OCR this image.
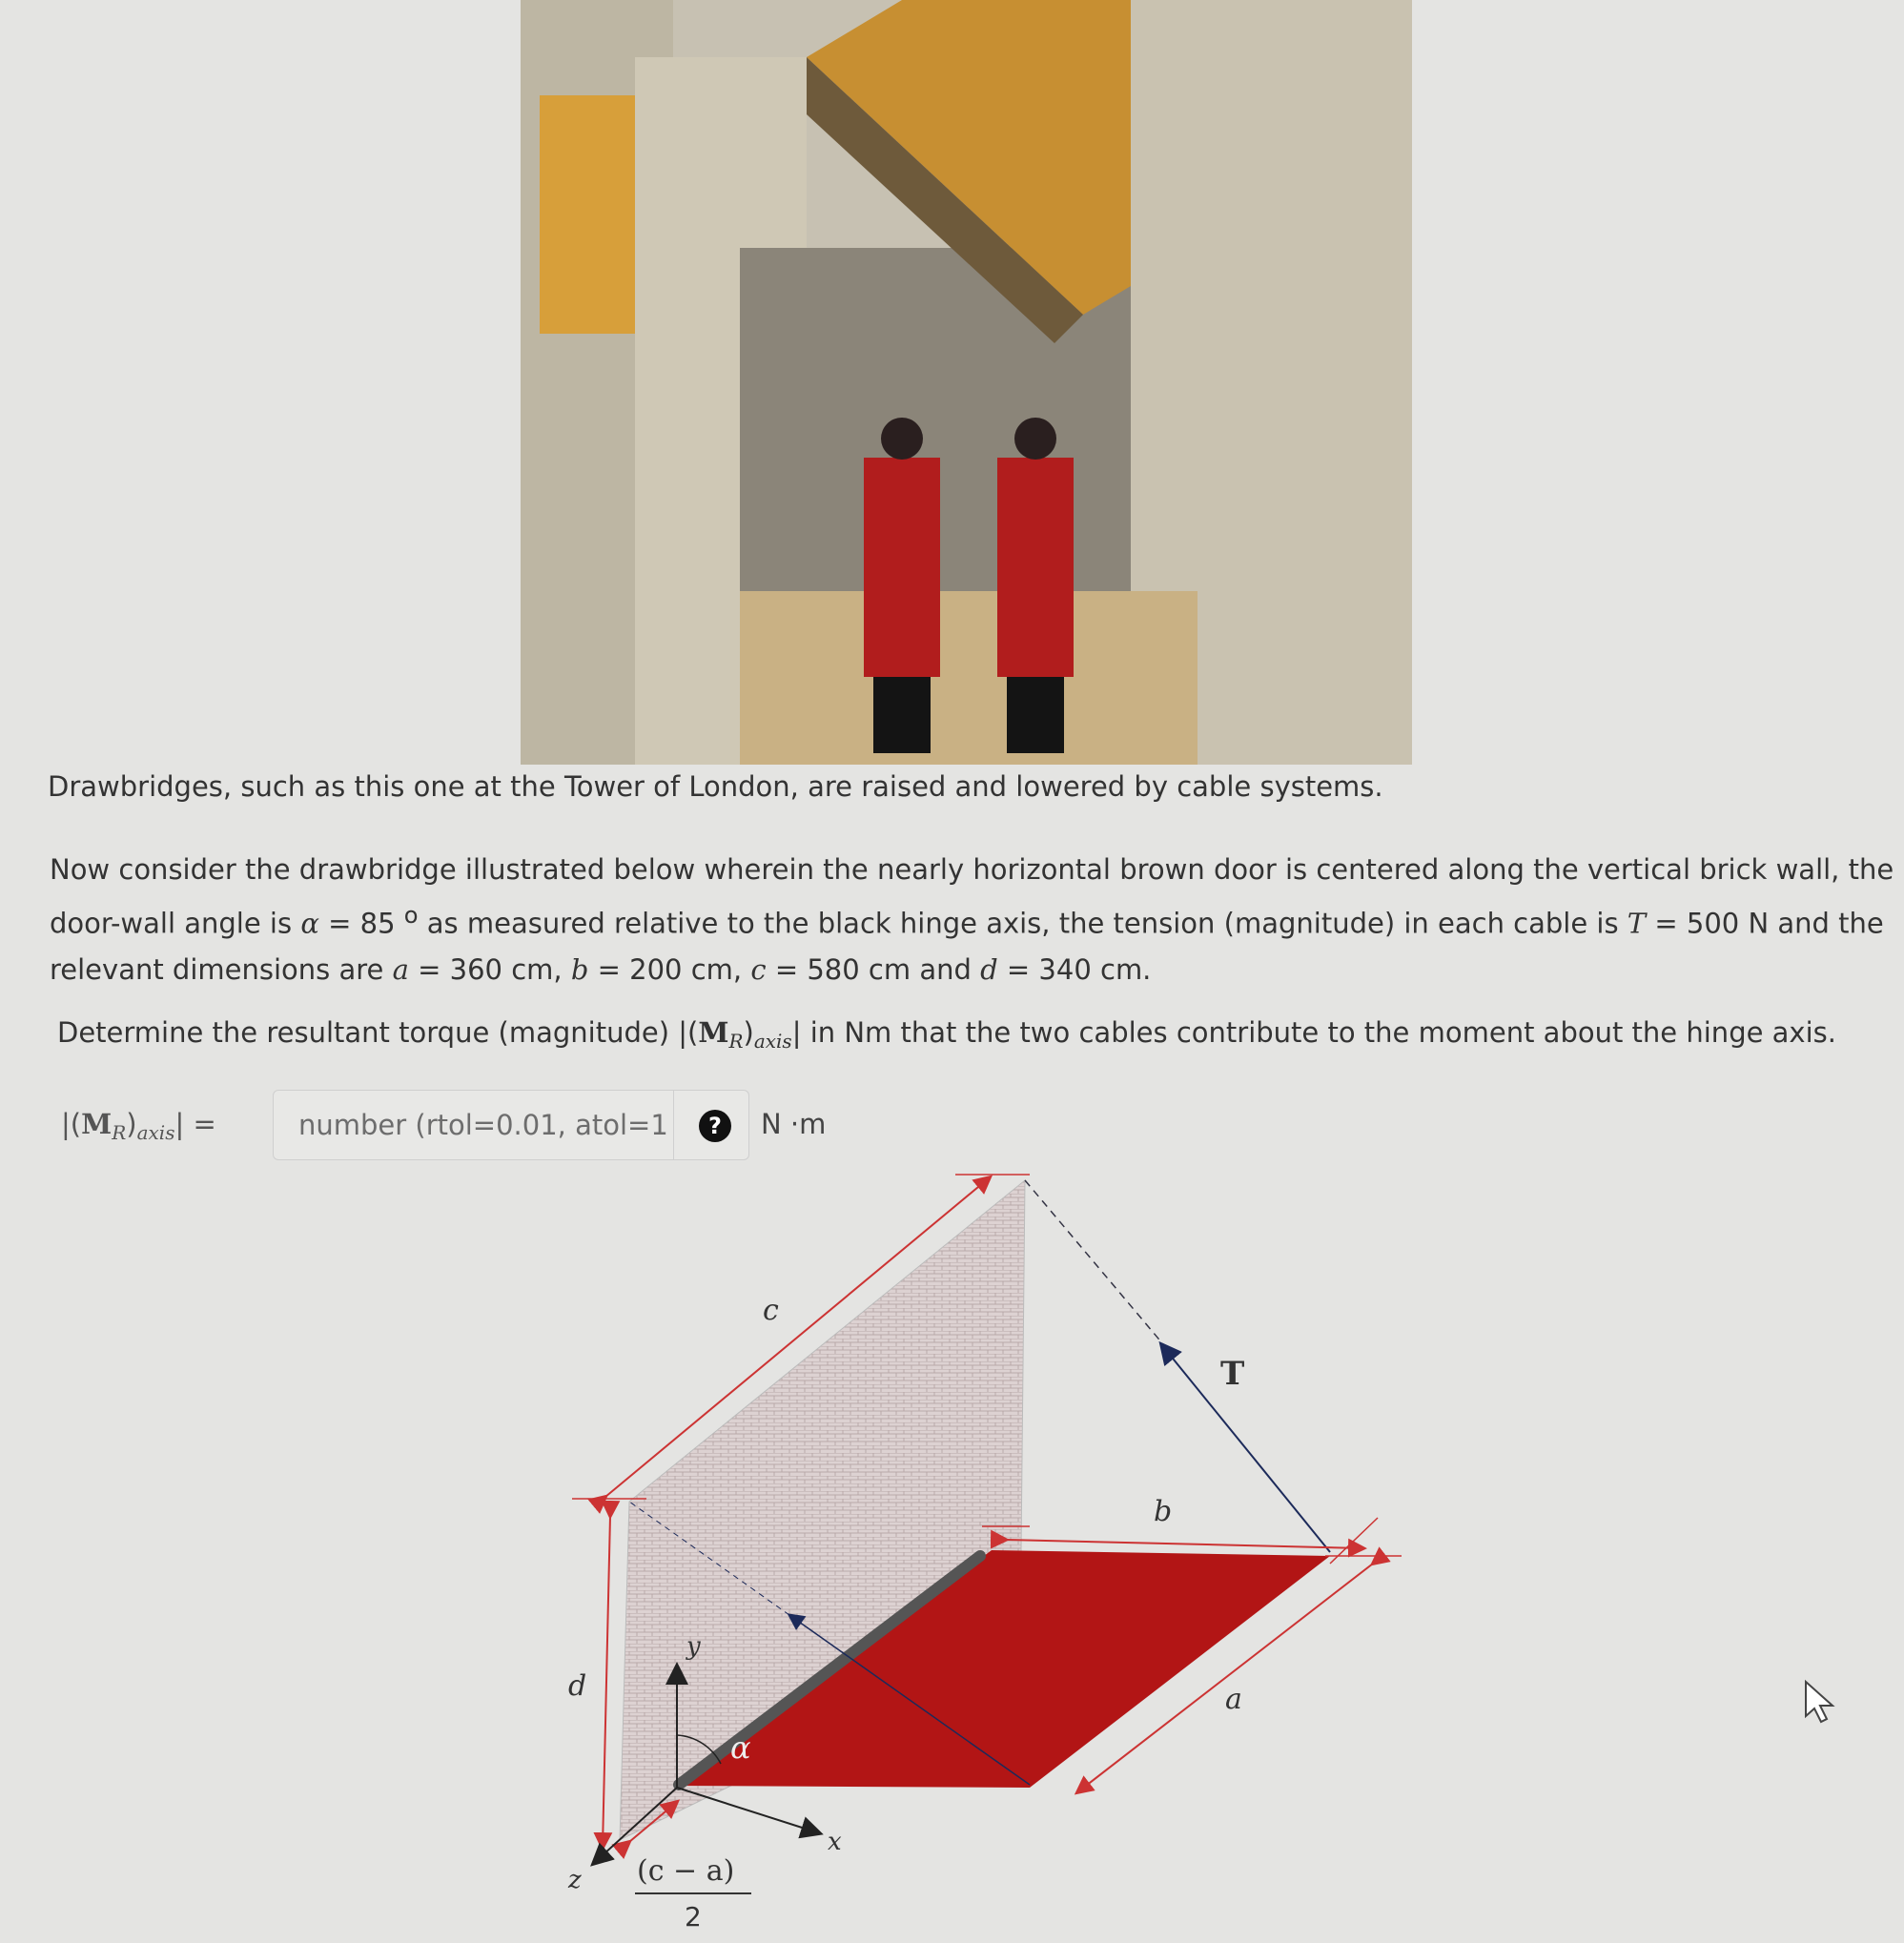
Drawbridges, such as this one at the Tower of London, are raised and lowered by cable systems.
Now consider the drawbridge illustrated below wherein the nearly horizontal brown door is centered along the vertical brick wall, the door-wall angle is α = 85 $^o$ as measured relative to the black hinge axis, the tension (magnitude) in each cable is T = 500 N and the relevant dimensions are a = 360 cm, b = 200 cm, c = 580 cm and d = 340 cm.
Determine the resultant torque (magnitude) $|(M_R)_{axis}|$ in Nm that the two cables contribute to the moment about the hinge axis.
$|(M_R)_{axis}|$ =
number (rtol=0.01, atol=1	?	N ·m
c
T
b
a
d
y
x
z
α
(c − a)
2
